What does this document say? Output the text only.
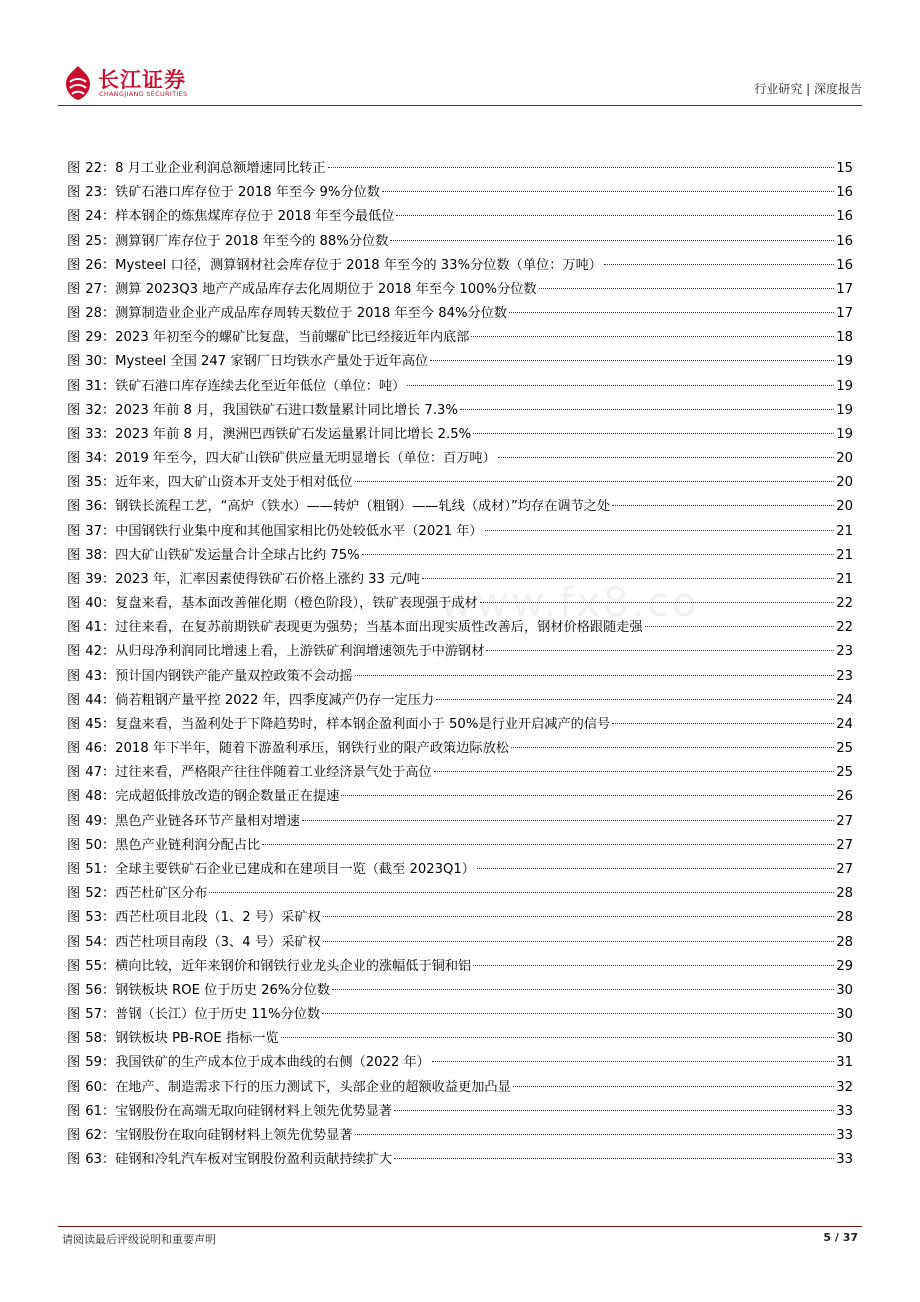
长江证券
CHANGJIANG SECURITIES	行业研究 | 深度报告
www.fx8.co
图 22： 8 月工业企业利润总额增速同比转正	15
图 23： 铁矿石港口库存位于 2018 年至今 9%分位数	16
图 24： 样本钢企的炼焦煤库存位于 2018 年至今最低位	16
图 25： 测算钢厂库存位于 2018 年至今的 88%分位数	16
图 26： Mysteel 口径，测算钢材社会库存位于 2018 年至今的 33%分位数（单位：万吨）	16
图 27： 测算 2023Q3 地产产成品库存去化周期位于 2018 年至今 100%分位数	17
图 28： 测算制造业企业产成品库存周转天数位于 2018 年至今 84%分位数	17
图 29： 2023 年初至今的螺矿比复盘，当前螺矿比已经接近年内底部	18
图 30： Mysteel 全国 247 家钢厂日均铁水产量处于近年高位	19
图 31： 铁矿石港口库存连续去化至近年低位（单位：吨）	19
图 32： 2023 年前 8 月，我国铁矿石进口数量累计同比增长 7.3%	19
图 33： 2023 年前 8 月，澳洲巴西铁矿石发运量累计同比增长 2.5%	19
图 34： 2019 年至今，四大矿山铁矿供应量无明显增长（单位：百万吨）	20
图 35： 近年来，四大矿山资本开支处于相对低位	20
图 36： 钢铁长流程工艺，“高炉（铁水）——转炉（粗钢）——轧线（成材）”均存在调节之处	20
图 37： 中国钢铁行业集中度和其他国家相比仍处较低水平（2021 年）	21
图 38： 四大矿山铁矿发运量合计全球占比约 75%	21
图 39： 2023 年，汇率因素使得铁矿石价格上涨约 33 元/吨	21
图 40： 复盘来看，基本面改善催化期（橙色阶段），铁矿表现强于成材	22
图 41： 过往来看，在复苏前期铁矿表现更为强势；当基本面出现实质性改善后，钢材价格跟随走强	22
图 42： 从归母净利润同比增速上看，上游铁矿利润增速领先于中游钢材	23
图 43： 预计国内钢铁产能产量双控政策不会动摇	23
图 44： 倘若粗钢产量平控 2022 年，四季度减产仍存一定压力	24
图 45： 复盘来看，当盈利处于下降趋势时，样本钢企盈利面小于 50%是行业开启减产的信号	24
图 46： 2018 年下半年，随着下游盈利承压，钢铁行业的限产政策边际放松	25
图 47： 过往来看，严格限产往往伴随着工业经济景气处于高位	25
图 48： 完成超低排放改造的钢企数量正在提速	26
图 49： 黑色产业链各环节产量相对增速	27
图 50： 黑色产业链利润分配占比	27
图 51： 全球主要铁矿石企业已建成和在建项目一览（截至 2023Q1）	27
图 52： 西芒杜矿区分布	28
图 53： 西芒杜项目北段（1、2 号）采矿权	28
图 54： 西芒杜项目南段（3、4 号）采矿权	28
图 55： 横向比较，近年来钢价和钢铁行业龙头企业的涨幅低于铜和铝	29
图 56： 钢铁板块 ROE 位于历史 26%分位数	30
图 57： 普钢（长江）位于历史 11%分位数	30
图 58： 钢铁板块 PB-ROE 指标一览	30
图 59： 我国铁矿的生产成本位于成本曲线的右侧（2022 年）	31
图 60： 在地产、制造需求下行的压力测试下，头部企业的超额收益更加凸显	32
图 61： 宝钢股份在高端无取向硅钢材料上领先优势显著	33
图 62： 宝钢股份在取向硅钢材料上领先优势显著	33
图 63： 硅钢和冷轧汽车板对宝钢股份盈利贡献持续扩大	33
请阅读最后评级说明和重要声明	5 / 37
